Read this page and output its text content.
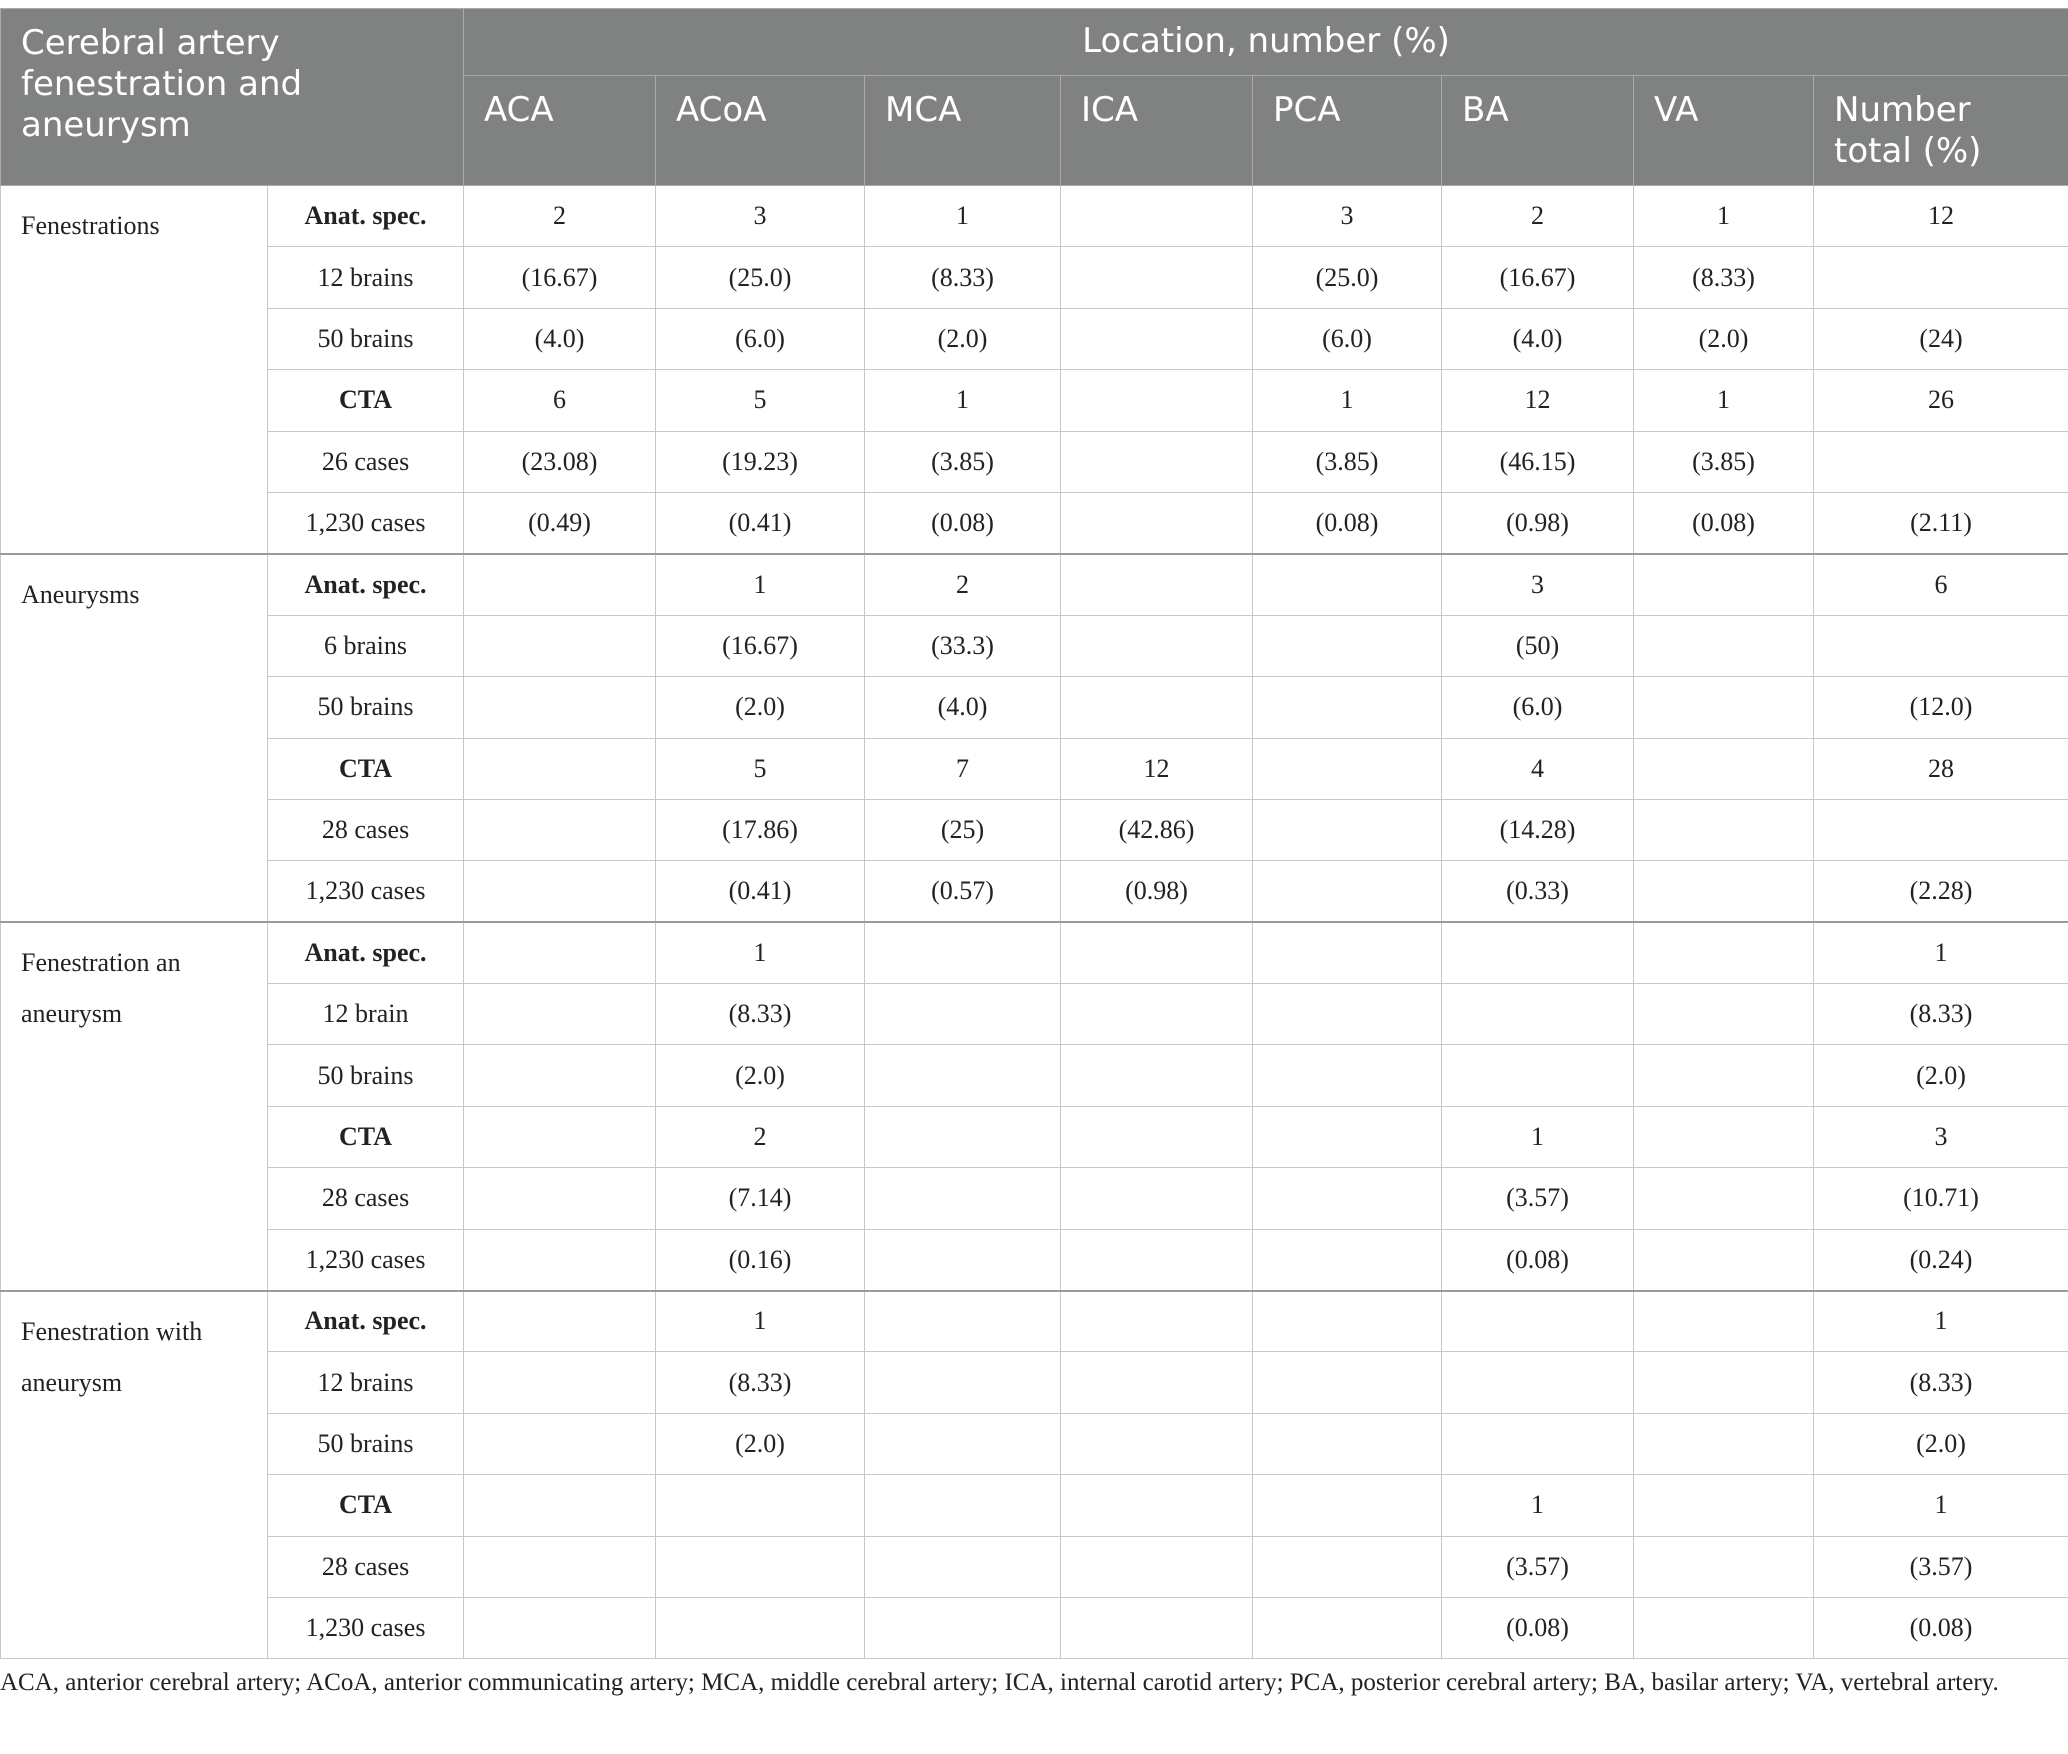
Cerebral artery fenestration and aneurysm		Location, number (%)							
		ACA	ACoA	MCA	ICA	PCA	BA	VA	Number total (%)
Fenestrations	Anat. spec.	2	3	1		3	2	1	12
	12 brains	(16.67)	(25.0)	(8.33)		(25.0)	(16.67)	(8.33)	
	50 brains	(4.0)	(6.0)	(2.0)		(6.0)	(4.0)	(2.0)	(24)
	CTA	6	5	1		1	12	1	26
	26 cases	(23.08)	(19.23)	(3.85)		(3.85)	(46.15)	(3.85)	
	1,230 cases	(0.49)	(0.41)	(0.08)		(0.08)	(0.98)	(0.08)	(2.11)
Aneurysms	Anat. spec.		1	2			3		6
	6 brains		(16.67)	(33.3)			(50)		
	50 brains		(2.0)	(4.0)			(6.0)		(12.0)
	CTA		5	7	12		4		28
	28 cases		(17.86)	(25)	(42.86)		(14.28)		
	1,230 cases		(0.41)	(0.57)	(0.98)		(0.33)		(2.28)
Fenestration an aneurysm	Anat. spec.		1						1
	12 brain		(8.33)						(8.33)
	50 brains		(2.0)						(2.0)
	CTA		2				1		3
	28 cases		(7.14)				(3.57)		(10.71)
	1,230 cases		(0.16)				(0.08)		(0.24)
Fenestration with aneurysm	Anat. spec.		1						1
	12 brains		(8.33)						(8.33)
	50 brains		(2.0)						(2.0)
	CTA						1		1
	28 cases						(3.57)		(3.57)
	1,230 cases						(0.08)		(0.08)
ACA, anterior cerebral artery; ACoA, anterior communicating artery; MCA, middle cerebral artery; ICA, internal carotid artery; PCA, posterior cerebral artery; BA, basilar artery; VA, vertebral artery.
